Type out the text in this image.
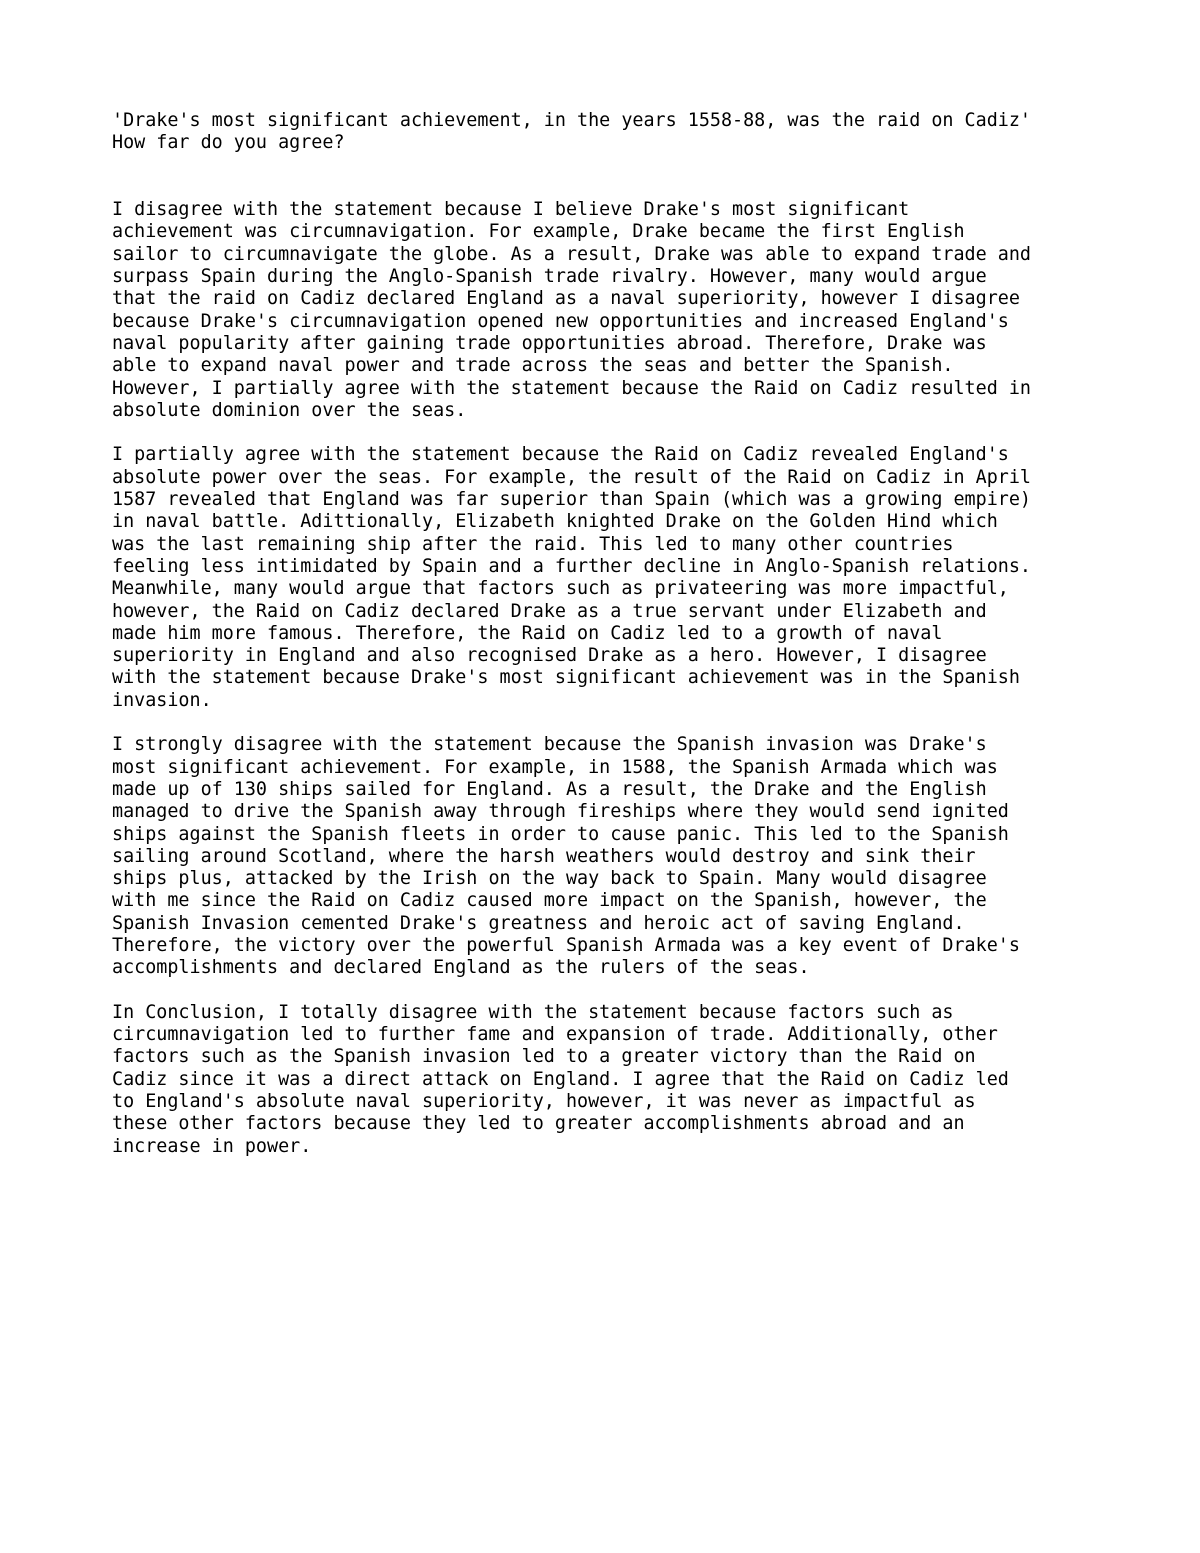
'Drake's most significant achievement, in the years 1558-88, was the raid on Cadiz'
How far do you agree?
I disagree with the statement because I believe Drake's most significant
achievement was circumnavigation. For example, Drake became the first English
sailor to circumnavigate the globe. As a result, Drake was able to expand trade and
surpass Spain during the Anglo-Spanish trade rivalry. However, many would argue
that the raid on Cadiz declared England as a naval superiority, however I disagree
because Drake's circumnavigation opened new opportunities and increased England's
naval popularity after gaining trade opportunities abroad. Therefore, Drake was
able to expand naval power and trade across the seas and better the Spanish.
However, I partially agree with the statement because the Raid on Cadiz resulted in
absolute dominion over the seas.
I partially agree with the statement because the Raid on Cadiz revealed England's
absolute power over the seas. For example, the result of the Raid on Cadiz in April
1587 revealed that England was far superior than Spain (which was a growing empire)
in naval battle. Adittionally, Elizabeth knighted Drake on the Golden Hind which
was the last remaining ship after the raid. This led to many other countries
feeling less intimidated by Spain and a further decline in Anglo-Spanish relations.
Meanwhile, many would argue that factors such as privateering was more impactful,
however, the Raid on Cadiz declared Drake as a true servant under Elizabeth and
made him more famous. Therefore, the Raid on Cadiz led to a growth of naval
superiority in England and also recognised Drake as a hero. However, I disagree
with the statement because Drake's most significant achievement was in the Spanish
invasion.
I strongly disagree with the statement because the Spanish invasion was Drake's
most significant achievement. For example, in 1588, the Spanish Armada which was
made up of 130 ships sailed for England. As a result, the Drake and the English
managed to drive the Spanish away through fireships where they would send ignited
ships against the Spanish fleets in order to cause panic. This led to the Spanish
sailing around Scotland, where the harsh weathers would destroy and sink their
ships plus, attacked by the Irish on the way back to Spain. Many would disagree
with me since the Raid on Cadiz caused more impact on the Spanish, however, the
Spanish Invasion cemented Drake's greatness and heroic act of saving England.
Therefore, the victory over the powerful Spanish Armada was a key event of Drake's
accomplishments and declared England as the rulers of the seas.
In Conclusion, I totally disagree with the statement because factors such as
circumnavigation led to further fame and expansion of trade. Additionally, other
factors such as the Spanish invasion led to a greater victory than the Raid on
Cadiz since it was a direct attack on England. I agree that the Raid on Cadiz led
to England's absolute naval superiority, however, it was never as impactful as
these other factors because they led to greater accomplishments abroad and an
increase in power.
